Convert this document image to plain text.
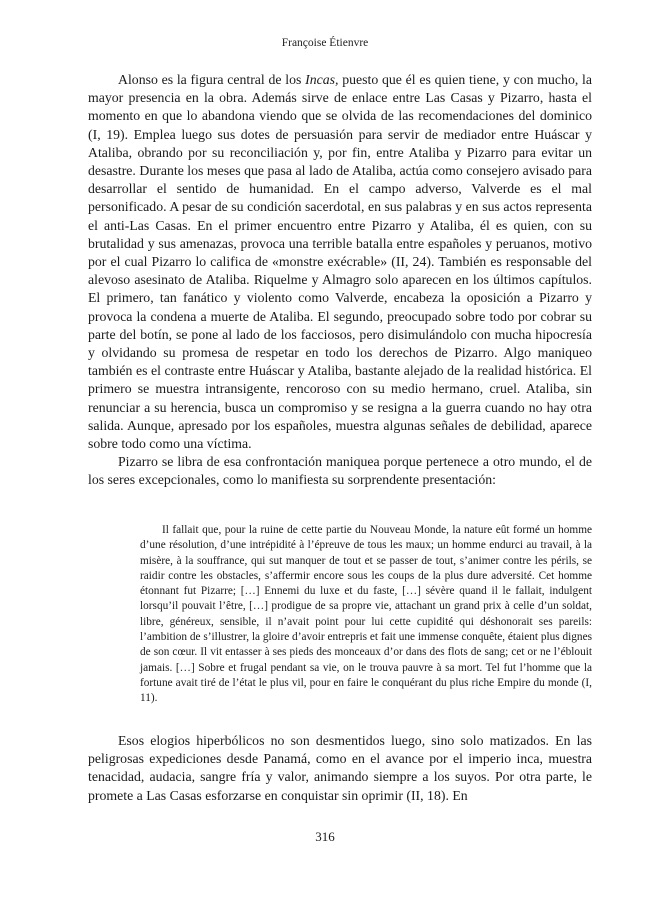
Françoise Étienvre

Alonso es la figura central de los Incas, puesto que él es quien tiene, y con mucho, la mayor presencia en la obra. Además sirve de enlace entre Las Casas y Pizarro, hasta el momento en que lo abandona viendo que se olvida de las recomendaciones del dominico (I, 19). Emplea luego sus dotes de persuasión para servir de mediador entre Huáscar y Ataliba, obrando por su reconciliación y, por fin, entre Ataliba y Pizarro para evitar un desastre. Durante los meses que pasa al lado de Ataliba, actúa como consejero avisado para desarrollar el sentido de humanidad. En el campo adverso, Valverde es el mal personificado. A pesar de su condición sacerdotal, en sus palabras y en sus actos representa el anti-Las Casas. En el primer encuentro entre Pizarro y Ataliba, él es quien, con su brutalidad y sus amenazas, provoca una terrible batalla entre españoles y peruanos, motivo por el cual Pizarro lo califica de «monstre exécrable» (II, 24). También es responsable del alevoso asesinato de Ataliba. Riquelme y Almagro solo aparecen en los últimos capítulos. El primero, tan fanático y violento como Valverde, encabeza la oposición a Pizarro y provoca la condena a muerte de Ataliba. El segundo, preocupado sobre todo por cobrar su parte del botín, se pone al lado de los facciosos, pero disimulándolo con mucha hipocresía y olvidando su promesa de respetar en todo los derechos de Pizarro. Algo maniqueo también es el contraste entre Huáscar y Ataliba, bastante alejado de la realidad histórica. El primero se muestra intransigente, rencoroso con su medio hermano, cruel. Ataliba, sin renunciar a su herencia, busca un compromiso y se resigna a la guerra cuando no hay otra salida. Aunque, apresado por los españoles, muestra algunas señales de debilidad, aparece sobre todo como una víctima.

Pizarro se libra de esa confrontación maniquea porque pertenece a otro mundo, el de los seres excepcionales, como lo manifiesta su sorprendente presentación:

Il fallait que, pour la ruine de cette partie du Nouveau Monde, la nature eût formé un homme d’une résolution, d’une intrépidité à l’épreuve de tous les maux; un homme endurci au travail, à la misère, à la souffrance, qui sut manquer de tout et se passer de tout, s’animer contre les périls, se raidir contre les obstacles, s’affermir encore sous les coups de la plus dure adversité. Cet homme étonnant fut Pizarre; […] Ennemi du luxe et du faste, […] sévère quand il le fallait, indulgent lorsqu’il pouvait l’être, […] prodigue de sa propre vie, attachant un grand prix à celle d’un soldat, libre, généreux, sensible, il n’avait point pour lui cette cupidité qui déshonorait ses pareils: l’ambition de s’illustrer, la gloire d’avoir entrepris et fait une immense conquête, étaient plus dignes de son cœur. Il vit entasser à ses pieds des monceaux d’or dans des flots de sang; cet or ne l’éblouit jamais. […] Sobre et frugal pendant sa vie, on le trouva pauvre à sa mort. Tel fut l’homme que la fortune avait tiré de l’état le plus vil, pour en faire le conquérant du plus riche Empire du monde (I, 11).

Esos elogios hiperbólicos no son desmentidos luego, sino solo matizados. En las peligrosas expediciones desde Panamá, como en el avance por el imperio inca, muestra tenacidad, audacia, sangre fría y valor, animando siempre a los suyos. Por otra parte, le promete a Las Casas esforzarse en conquistar sin oprimir (II, 18). En

316
